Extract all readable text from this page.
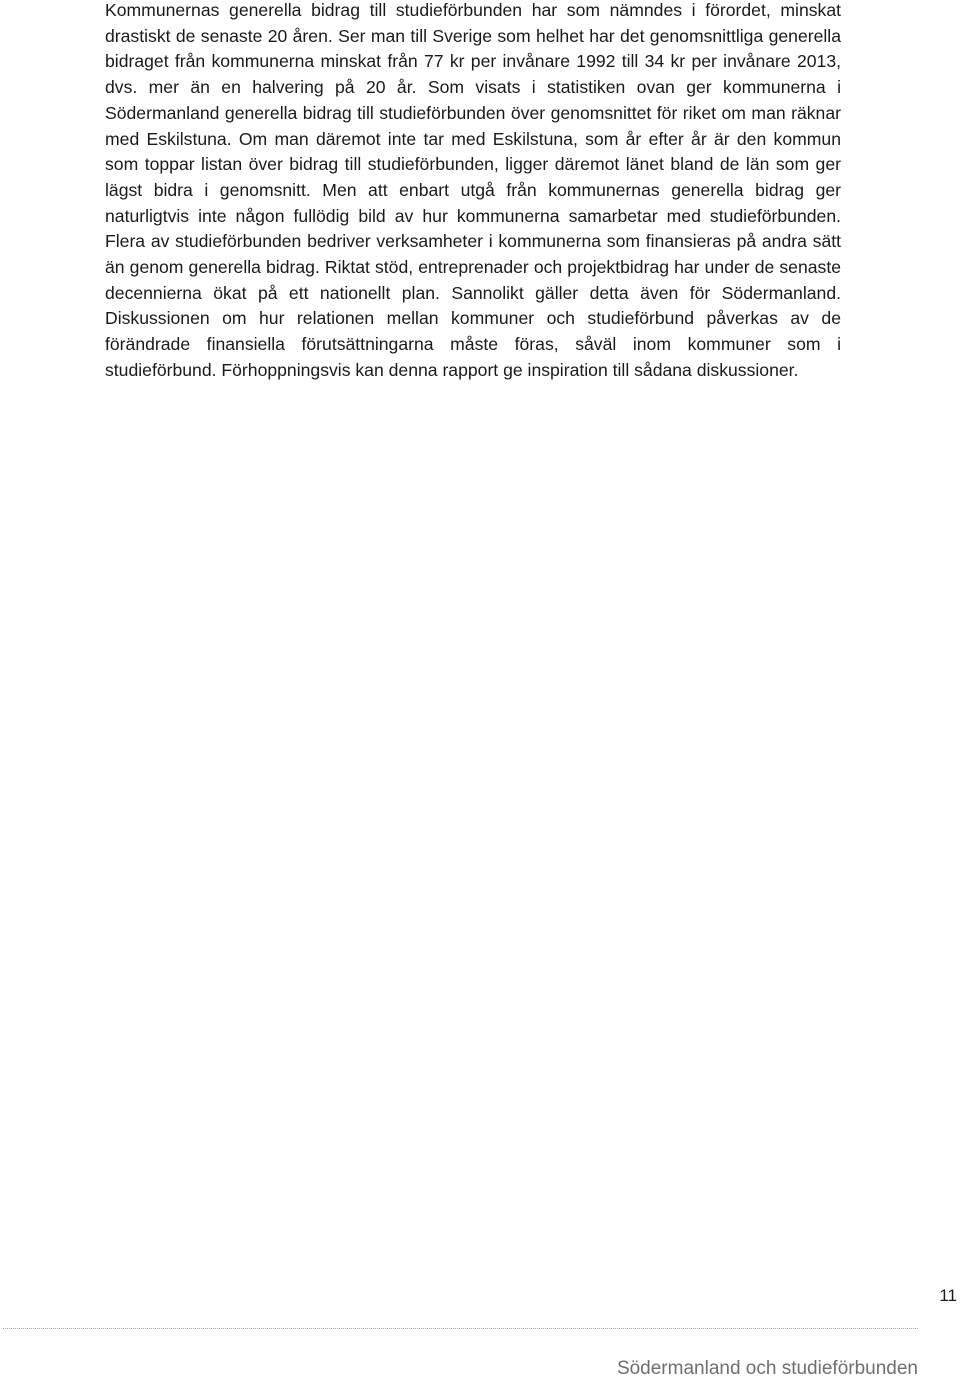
Kommunernas generella bidrag till studieförbunden har som nämndes i förordet, minskat drastiskt de senaste 20 åren. Ser man till Sverige som helhet har det genomsnittliga generella bidraget från kommunerna minskat från 77 kr per invånare 1992 till 34 kr per invånare 2013, dvs. mer än en halvering på 20 år. Som visats i statistiken ovan ger kommunerna i Södermanland generella bidrag till studieförbunden över genomsnittet för riket om man räknar med Eskilstuna. Om man däremot inte tar med Eskilstuna, som år efter år är den kommun som toppar listan över bidrag till studieförbunden, ligger däremot länet bland de län som ger lägst bidra i genomsnitt. Men att enbart utgå från kommunernas generella bidrag ger naturligtvis inte någon fullödig bild av hur kommunerna samarbetar med studieförbunden. Flera av studieförbunden bedriver verksamheter i kommunerna som finansieras på andra sätt än genom generella bidrag. Riktat stöd, entreprenader och projektbidrag har under de senaste decennierna ökat på ett nationellt plan. Sannolikt gäller detta även för Södermanland. Diskussionen om hur relationen mellan kommuner och studieförbund påverkas av de förändrade finansiella förutsättningarna måste föras, såväl inom kommuner som i studieförbund. Förhoppningsvis kan denna rapport ge inspiration till sådana diskussioner.

11
Södermanland och studieförbunden
